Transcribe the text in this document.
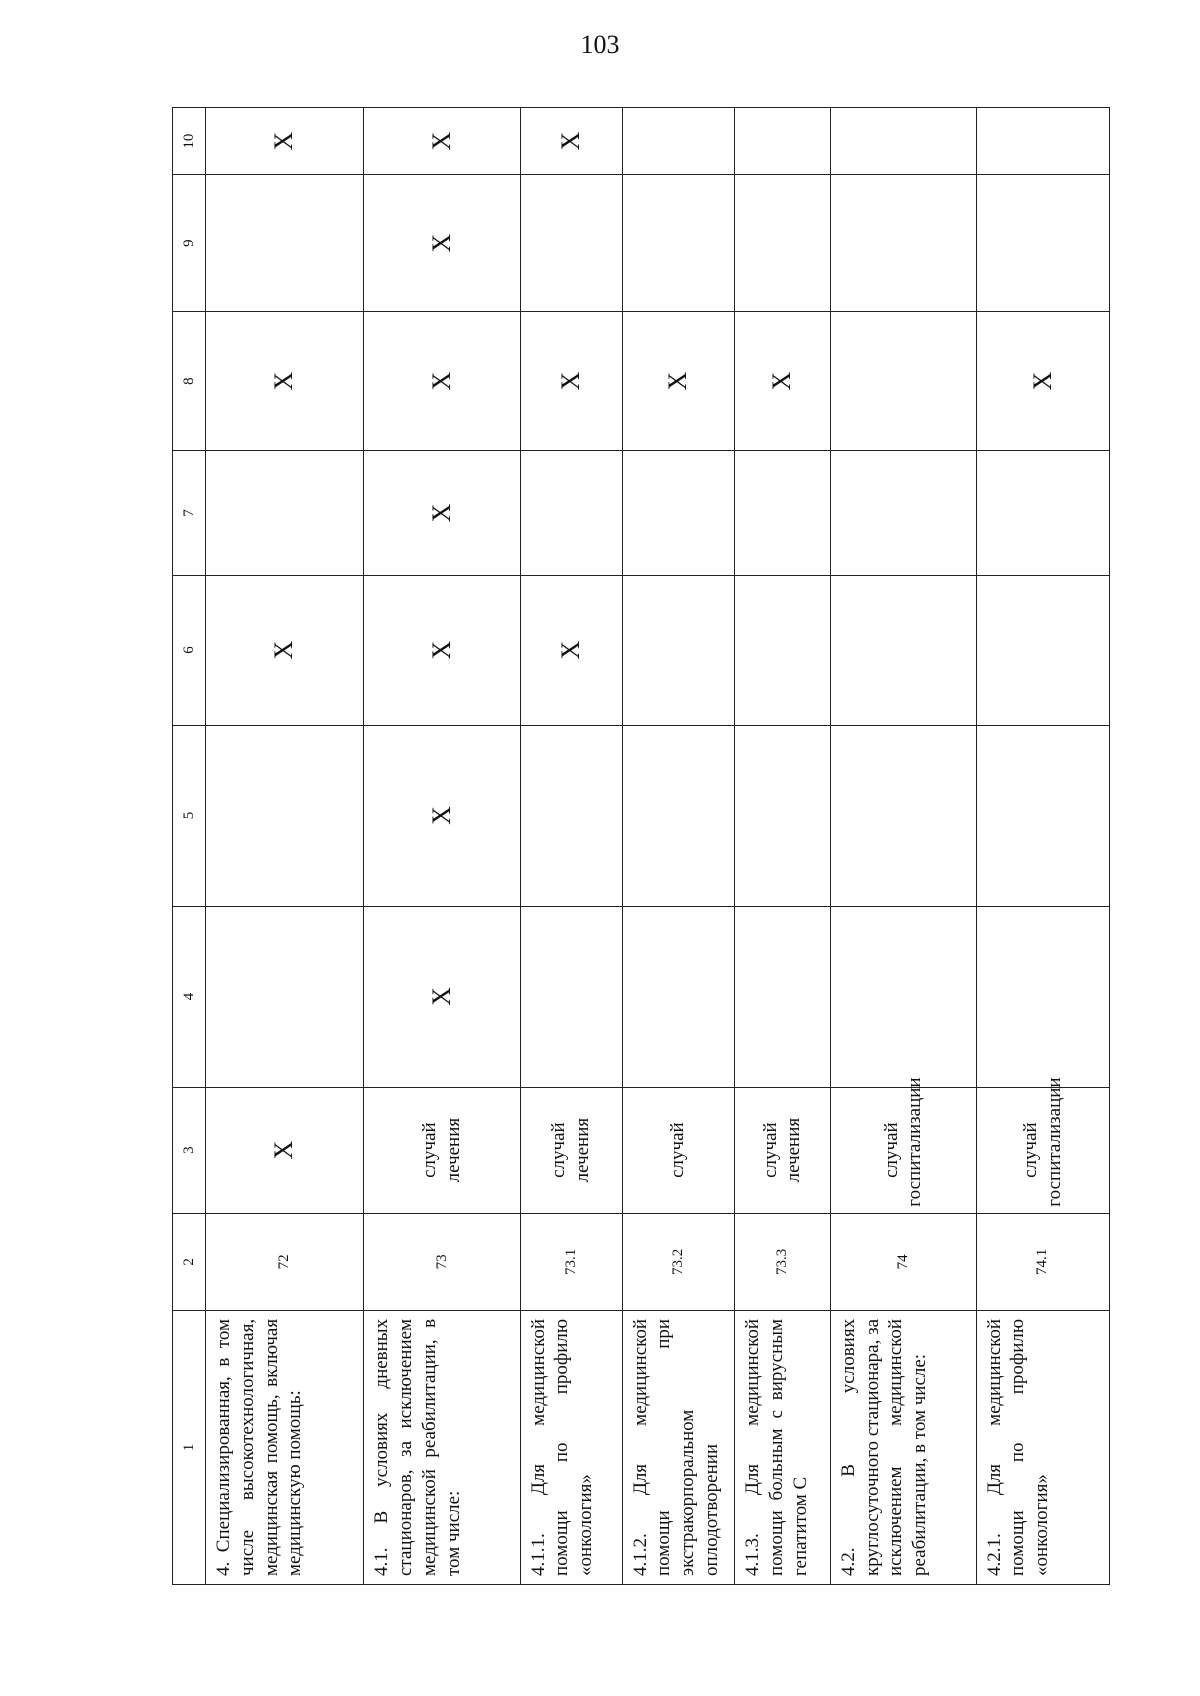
103
1	2	3	4	5	6	7	8	9	10
4. Специализированная, в том числе высокотехнологичная, медицинская помощь, включая медицинскую помощь:	72	X			X		X		X
4.1. В условиях дневных стационаров, за исключением медицинской реабилитации, в том числе:	73	случай лечения	X	X	X	X	X	X	X
4.1.1. Для медицинской помощи по профилю «онкология»	73.1	случай лечения			X		X		X
4.1.2. Для медицинской помощи при экстракорпоральном оплодотворении	73.2	случай					X		
4.1.3. Для медицинской помощи больным с вирусным гепатитом С	73.3	случай лечения					X		
4.2. В условиях круглосуточного стационара, за исключением медицинской реабилитации, в том числе:	74	случай госпитализации							
4.2.1. Для медицинской помощи по профилю «онкология»	74.1	случай госпитализации					X		
